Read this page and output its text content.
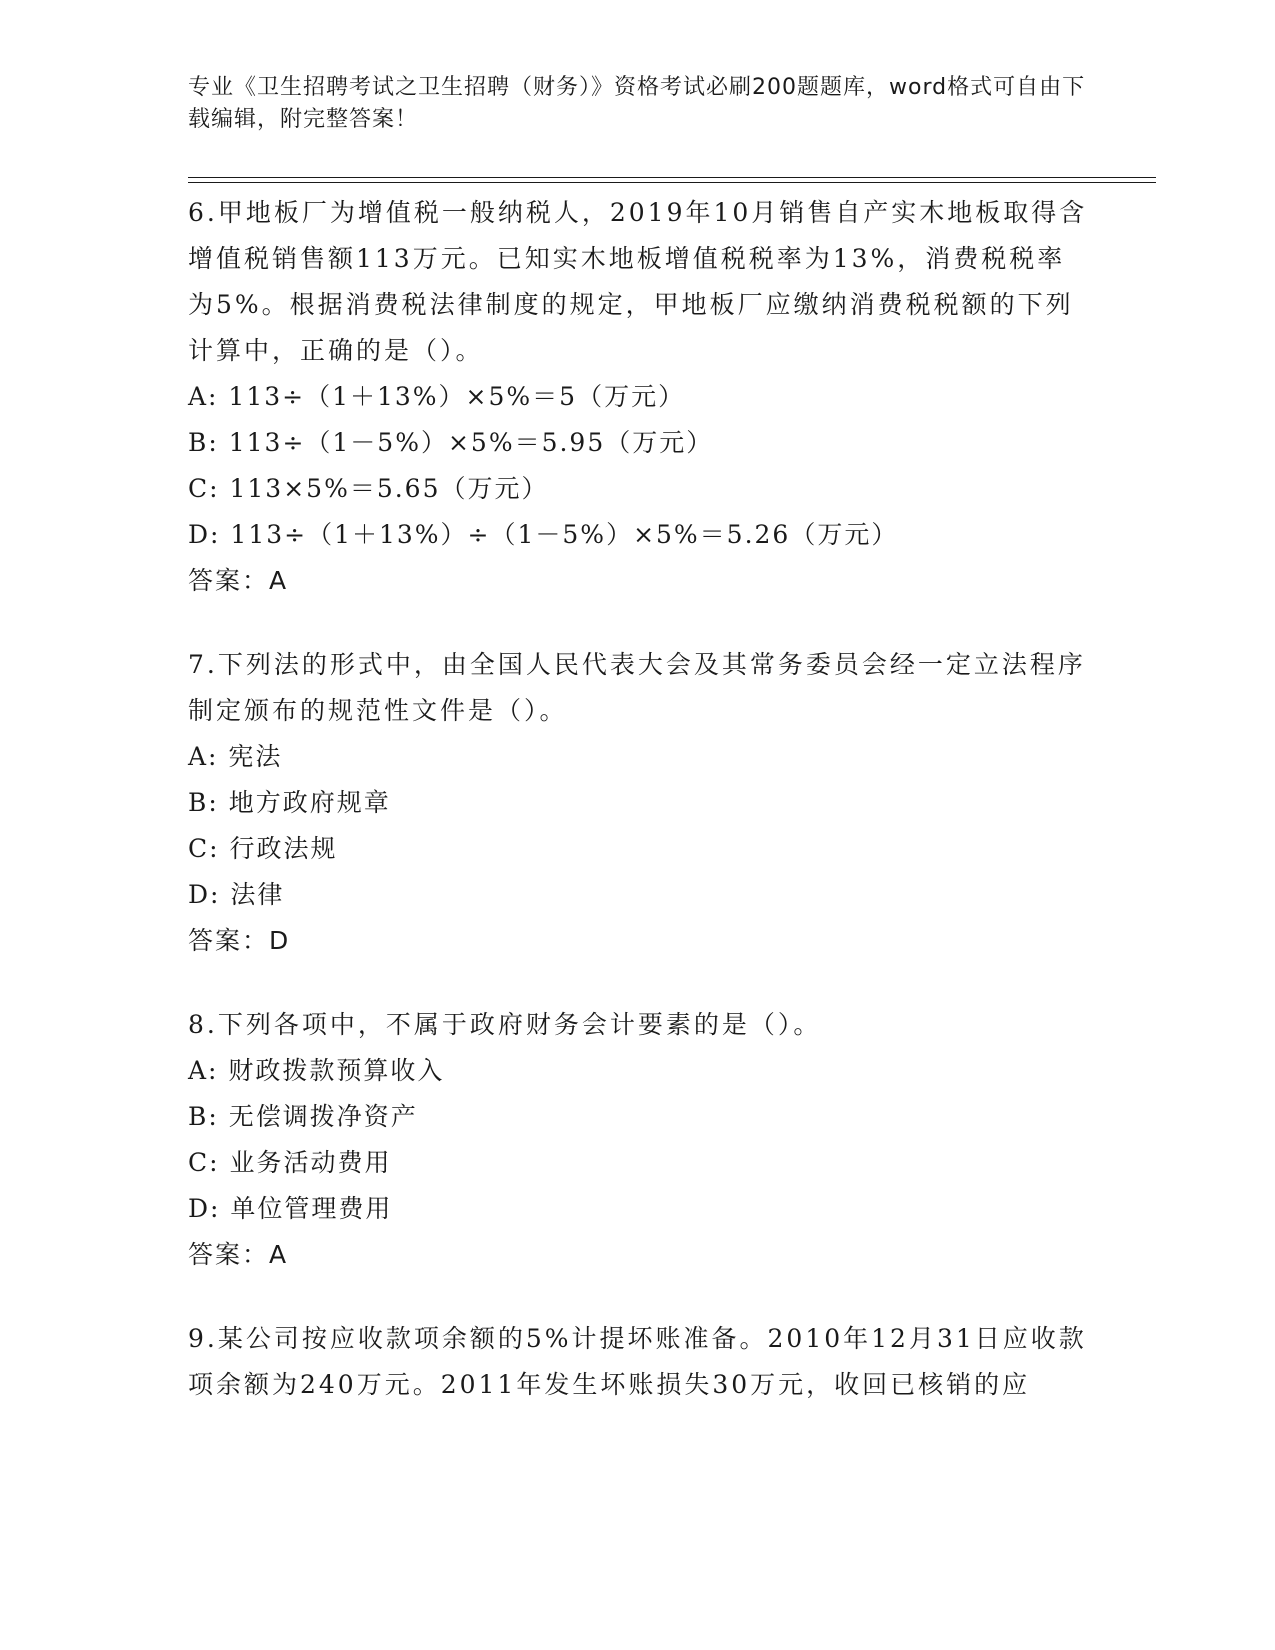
专业《卫生招聘考试之卫生招聘（财务）》资格考试必刷200题题库，word格式可自由下载编辑，附完整答案！

6.甲地板厂为增值税一般纳税人，2019年10月销售自产实木地板取得含增值税销售额113万元。已知实木地板增值税税率为13%，消费税税率为5%。根据消费税法律制度的规定，甲地板厂应缴纳消费税税额的下列计算中，正确的是（）。

A: 113÷（1＋13%）×5%＝5（万元）

B: 113÷（1－5%）×5%＝5.95（万元）

C: 113×5%＝5.65（万元）

D: 113÷（1＋13%）÷（1－5%）×5%＝5.26（万元）

答案：A

7.下列法的形式中，由全国人民代表大会及其常务委员会经一定立法程序制定颁布的规范性文件是（）。

A: 宪法

B: 地方政府规章

C: 行政法规

D: 法律

答案：D

8.下列各项中，不属于政府财务会计要素的是（）。

A: 财政拨款预算收入

B: 无偿调拨净资产

C: 业务活动费用

D: 单位管理费用

答案：A

9.某公司按应收款项余额的5%计提坏账准备。2010年12月31日应收款项余额为240万元。2011年发生坏账损失30万元，收回已核销的应
